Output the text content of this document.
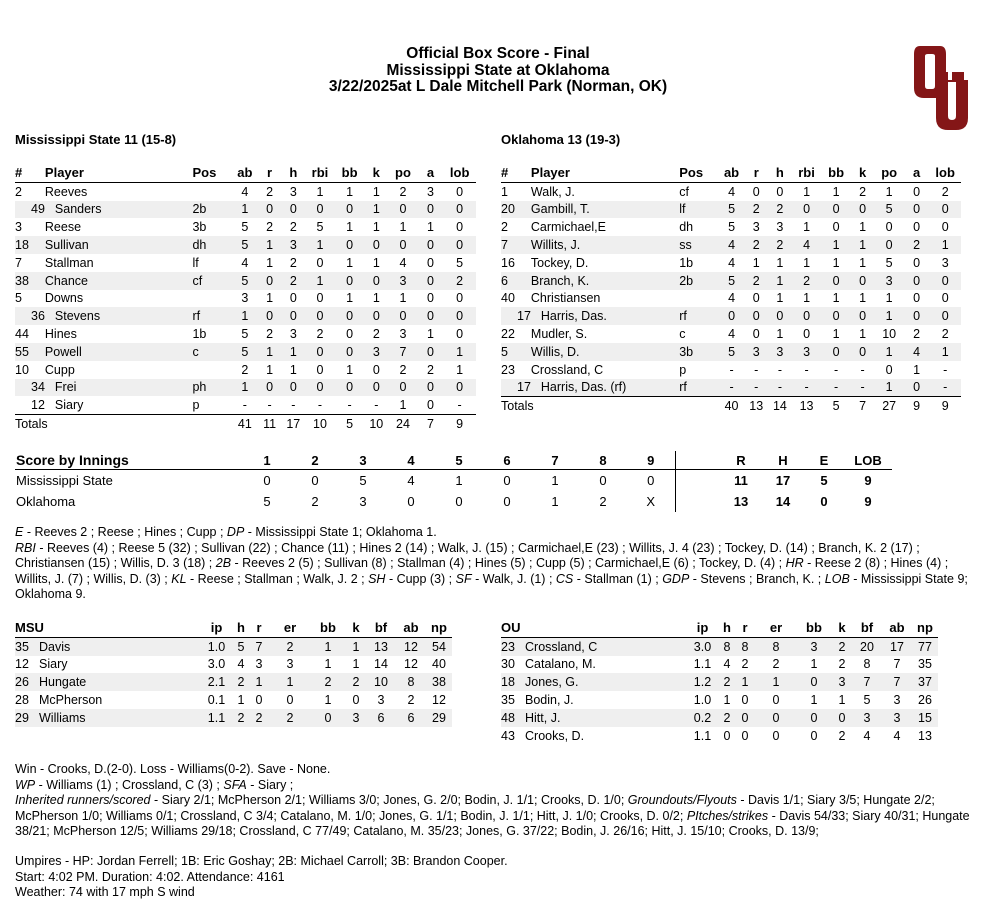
Official Box Score - Final
Mississippi State at Oklahoma
3/22/2025at L Dale Mitchell Park (Norman, OK)
Mississippi State 11 (15-8)	Oklahoma 13 (19-3)
#	Player	Pos	ab	r	h	rbi	bb	k	po	a	lob
2	Reeves		4	2	3	1	1	1	2	3	0
49	Sanders	2b	1	0	0	0	0	1	0	0	0
3	Reese	3b	5	2	2	5	1	1	1	1	0
18	Sullivan	dh	5	1	3	1	0	0	0	0	0
7	Stallman	lf	4	1	2	0	1	1	4	0	5
38	Chance	cf	5	0	2	1	0	0	3	0	2
5	Downs		3	1	0	0	1	1	1	0	0
36	Stevens	rf	1	0	0	0	0	0	0	0	0
44	Hines	1b	5	2	3	2	0	2	3	1	0
55	Powell	c	5	1	1	0	0	3	7	0	1
10	Cupp		2	1	1	0	1	0	2	2	1
34	Frei	ph	1	0	0	0	0	0	0	0	0
12	Siary	p	-	-	-	-	-	-	1	0	-
Totals			41	11	17	10	5	10	24	7	9
#	Player	Pos	ab	r	h	rbi	bb	k	po	a	lob
1	Walk, J.	cf	4	0	0	1	1	2	1	0	2
20	Gambill, T.	lf	5	2	2	0	0	0	5	0	0
2	Carmichael,E	dh	5	3	3	1	0	1	0	0	0
7	Willits, J.	ss	4	2	2	4	1	1	0	2	1
16	Tockey, D.	1b	4	1	1	1	1	1	5	0	3
6	Branch, K.	2b	5	2	1	2	0	0	3	0	0
40	Christiansen		4	0	1	1	1	1	1	0	0
17	Harris, Das.	rf	0	0	0	0	0	0	1	0	0
22	Mudler, S.	c	4	0	1	0	1	1	10	2	2
5	Willis, D.	3b	5	3	3	3	0	0	1	4	1
23	Crossland, C	p	-	-	-	-	-	-	0	1	-
17	Harris, Das. (rf)	rf	-	-	-	-	-	-	1	0	-
Totals			40	13	14	13	5	7	27	9	9
Score by Innings	1	2	3	4	5	6	7	8	9		R	H	E	LOB
Mississippi State	0	0	5	4	1	0	1	0	0		11	17	5	9
Oklahoma	5	2	3	0	0	0	1	2	X		13	14	0	9
E - Reeves 2 ; Reese ; Hines ; Cupp ; DP - Mississippi State 1; Oklahoma 1.
RBI - Reeves (4) ; Reese 5 (32) ; Sullivan (22) ; Chance (11) ; Hines 2 (14) ; Walk, J. (15) ; Carmichael,E (23) ; Willits, J. 4 (23) ; Tockey, D. (14) ; Branch, K. 2 (17) ; Christiansen (15) ; Willis, D. 3 (18) ; 2B - Reeves 2 (5) ; Sullivan (8) ; Stallman (4) ; Hines (5) ; Cupp (5) ; Carmichael,E (6) ; Tockey, D. (4) ; HR - Reese 2 (8) ; Hines (4) ; Willits, J. (7) ; Willis, D. (3) ; KL - Reese ; Stallman ; Walk, J. 2 ; SH - Cupp (3) ; SF - Walk, J. (1) ; CS - Stallman (1) ; GDP - Stevens ; Branch, K. ; LOB - Mississippi State 9; Oklahoma 9.
MSU		ip	h	r	er	bb	k	bf	ab	np
35	Davis	1.0	5	7	2	1	1	13	12	54
12	Siary	3.0	4	3	3	1	1	14	12	40
26	Hungate	2.1	2	1	1	2	2	10	8	38
28	McPherson	0.1	1	0	0	1	0	3	2	12
29	Williams	1.1	2	2	2	0	3	6	6	29
OU		ip	h	r	er	bb	k	bf	ab	np
23	Crossland, C	3.0	8	8	8	3	2	20	17	77
30	Catalano, M.	1.1	4	2	2	1	2	8	7	35
18	Jones, G.	1.2	2	1	1	0	3	7	7	37
35	Bodin, J.	1.0	1	0	0	1	1	5	3	26
48	Hitt, J.	0.2	2	0	0	0	0	3	3	15
43	Crooks, D.	1.1	0	0	0	0	2	4	4	13
Win - Crooks, D.(2-0). Loss - Williams(0-2). Save - None.
WP - Williams (1) ; Crossland, C (3) ; SFA - Siary ;
Inherited runners/scored - Siary 2/1; McPherson 2/1; Williams 3/0; Jones, G. 2/0; Bodin, J. 1/1; Crooks, D. 1/0; Groundouts/Flyouts - Davis 1/1; Siary 3/5; Hungate 2/2; McPherson 1/0; Williams 0/1; Crossland, C 3/4; Catalano, M. 1/0; Jones, G. 1/1; Bodin, J. 1/1; Hitt, J. 1/0; Crooks, D. 0/2; PItches/strikes - Davis 54/33; Siary 40/31; Hungate 38/21; McPherson 12/5; Williams 29/18; Crossland, C 77/49; Catalano, M. 35/23; Jones, G. 37/22; Bodin, J. 26/16; Hitt, J. 15/10; Crooks, D. 13/9;
Umpires - HP: Jordan Ferrell; 1B: Eric Goshay; 2B: Michael Carroll; 3B: Brandon Cooper.
Start: 4:02 PM. Duration: 4:02. Attendance: 4161
Weather: 74 with 17 mph S wind
